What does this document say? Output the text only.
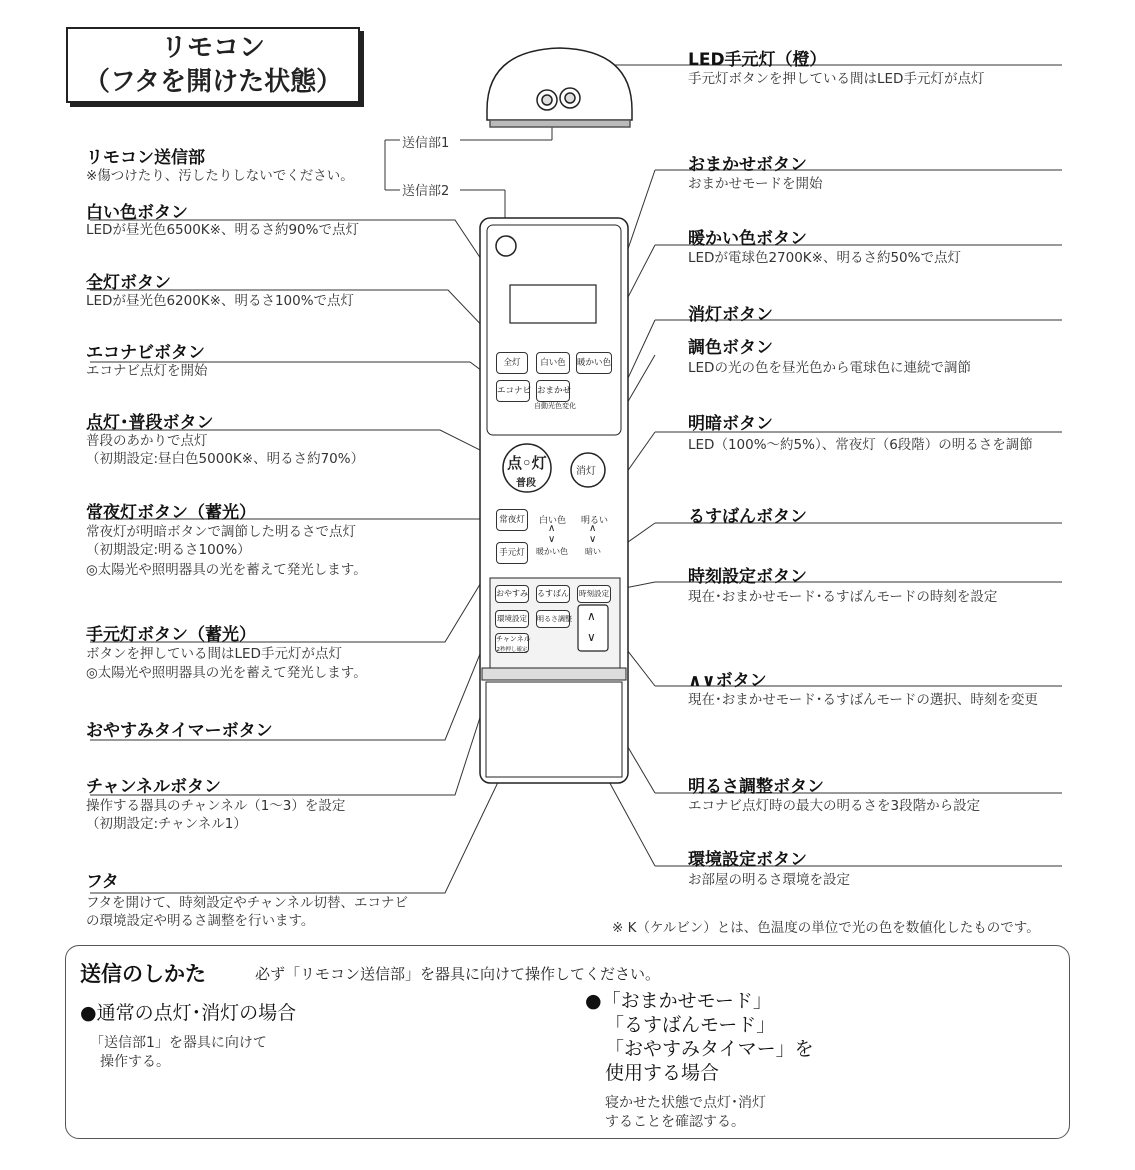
リモコン
（フタを開けた状態）
送信部1
送信部2
リモコン送信部
※傷つけたり、汚したりしないでください。
白い色ボタン
LEDが昼光色6500K※、明るさ約90%で点灯
全灯ボタン
LEDが昼光色6200K※、明るさ100%で点灯
エコナビボタン
エコナビ点灯を開始
点灯･普段ボタン
普段のあかりで点灯
（初期設定:昼白色5000K※、明るさ約70%）
常夜灯ボタン（蓄光）
常夜灯が明暗ボタンで調節した明るさで点灯
（初期設定:明るさ100%）
◎太陽光や照明器具の光を蓄えて発光します。
手元灯ボタン（蓄光）
ボタンを押している間はLED手元灯が点灯
◎太陽光や照明器具の光を蓄えて発光します。
おやすみタイマーボタン
チャンネルボタン
操作する器具のチャンネル（1〜3）を設定
（初期設定:チャンネル1）
フタ
フタを開けて、時刻設定やチャンネル切替、エコナビ
の環境設定や明るさ調整を行います。
LED手元灯（橙）
手元灯ボタンを押している間はLED手元灯が点灯
おまかせボタン
おまかせモードを開始
暖かい色ボタン
LEDが電球色2700K※、明るさ約50%で点灯
消灯ボタン
調色ボタン
LEDの光の色を昼光色から電球色に連続で調節
明暗ボタン
LED（100%〜約5%）、常夜灯（6段階）の明るさを調節
るすばんボタン
時刻設定ボタン
現在･おまかせモード･るすばんモードの時刻を設定
∧∨ボタン
現在･おまかせモード･るすばんモードの選択、時刻を変更
明るさ調整ボタン
エコナビ点灯時の最大の明るさを3段階から設定
環境設定ボタン
お部屋の明るさ環境を設定
※ K（ケルビン）とは、色温度の単位で光の色を数値化したものです。
全灯	白い色	暖かい色
エコナビ おまかせ
自動光色変化
点◦灯
普段
消灯
常夜灯	白い色
∧
∨
暖かい色
明るい
∧
∨
暗い
手元灯
おやすみ るすばん 時刻設定
環境設定 明るさ調整
チャンネル
2秒押し確定
∧
∨
送信のしかた	必ず「リモコン送信部」を器具に向けて操作してください。
●通常の点灯･消灯の場合
「送信部1」を器具に向けて
操作する。
●「おまかせモード」
「るすばんモード」
「おやすみタイマー」を
使用する場合
寝かせた状態で点灯･消灯
することを確認する。
